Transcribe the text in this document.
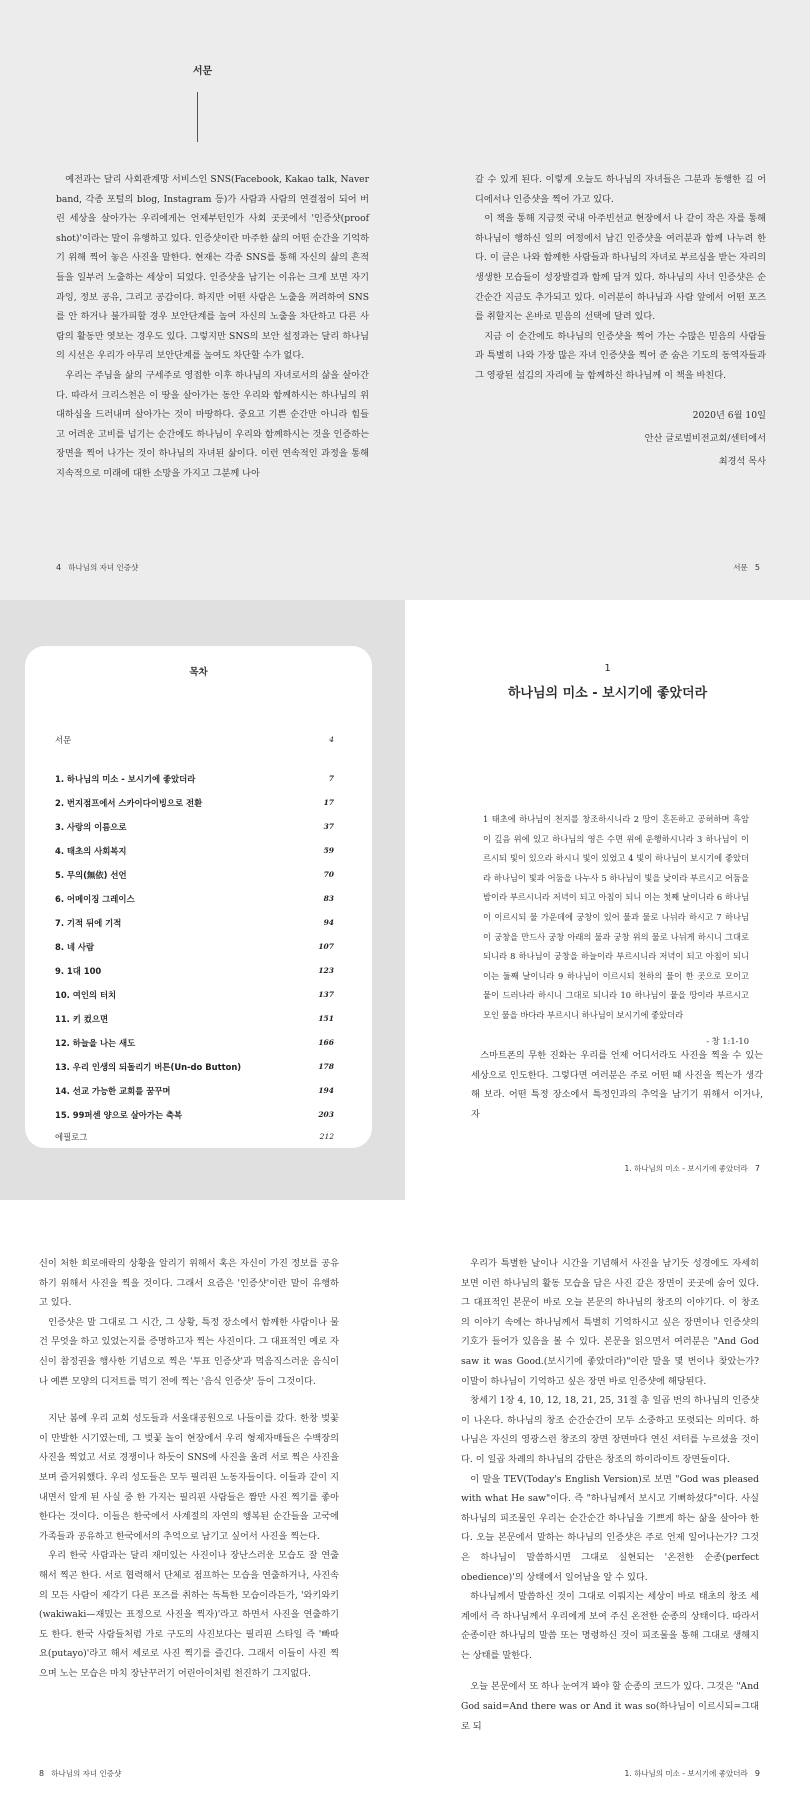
서문

예전과는 달리 사회관계망 서비스인 SNS(Facebook, Kakao talk, Naver band, 각종 포털의 blog, Instagram 등)가 사람과 사람의 연결점이 되어 버린 세상을 살아가는 우리에게는 언제부턴인가 사회 곳곳에서 '인증샷(proof shot)'이라는 말이 유행하고 있다. 인증샷이란 마주한 삶의 어떤 순간을 기억하기 위해 찍어 놓은 사진을 말한다. 현재는 각종 SNS를 통해 자신의 삶의 흔적들을 일부러 노출하는 세상이 되었다. 인증샷을 남기는 이유는 크게 보면 자기 과잉, 정보 공유, 그리고 공감이다. 하지만 어떤 사람은 노출을 꺼려하여 SNS를 안 하거나 불가피할 경우 보안단계를 높여 자신의 노출을 차단하고 다른 사람의 활동만 엿보는 경우도 있다. 그렇지만 SNS의 보안 설정과는 달리 하나님의 시선은 우리가 아무리 보안단계를 높여도 차단할 수가 없다.

우리는 주님을 삶의 구세주로 영접한 이후 하나님의 자녀로서의 삶을 살아간다. 따라서 크리스천은 이 땅을 살아가는 동안 우리와 함께하시는 하나님의 위대하심을 드러내며 살아가는 것이 마땅하다. 중요고 기쁜 순간만 아니라 힘들고 어려운 고비를 넘기는 순간에도 하나님이 우리와 함께하시는 것을 인증하는 장면을 찍어 나가는 것이 하나님의 자녀된 삶이다. 이런 연속적인 과정을 통해 지속적으로 미래에 대한 소망을 가지고 그분께 나아

4 하나님의 자녀 인증샷

갈 수 있게 된다. 이렇게 오늘도 하나님의 자녀들은 그분과 동행한 길 어디에서나 인증샷을 찍어 가고 있다.

이 책을 통해 지금껏 국내 아주빈선교 현장에서 나 같이 작은 자를 통해 하나님이 행하신 일의 여정에서 남긴 인증샷을 여러분과 함께 나누려 한다. 이 글은 나와 함께한 사람들과 하나님의 자녀로 부르심을 받는 자리의 생생한 모습들이 성장발걸과 함께 담겨 있다. 하나님의 사너 인증샷은 순간순간 지금도 추가되고 있다. 이러분이 하나님과 사람 앞에서 어떤 포즈를 취할지는 온바로 믿음의 선택에 달려 있다.

지금 이 순간에도 하나님의 인증샷을 찍어 가는 수많은 믿음의 사람들과 특별히 나와 가장 많은 자녀 인증샷을 찍어 준 숨은 기도의 동역자들과 그 영광된 섬김의 자리에 늘 함께하신 하나님께 이 책을 바친다.

2020년 6월 10일
안산 글로벌비전교회/센터에서
최경석 목사
서문 5
1
하나님의 미소 - 보시기에 좋았더라

1 태초에 하나님이 천지를 창조하시니라 2 땅이 혼돈하고 공허하며 흑암이 깊음 위에 있고 하나님의 영은 수면 위에 운행하시니라 3 하나님이 이르시되 빛이 있으라 하시니 빛이 있었고 4 빛이 하나님이 보시기에 좋았더라 하나님이 빛과 어둠을 나누사 5 하나님이 빛을 낮이라 부르시고 어둠을 밤이라 부르시니라 저녁이 되고 아침이 되니 이는 첫째 날이니라 6 하나님이 이르시되 물 가운데에 궁창이 있어 물과 물로 나뉘라 하시고 7 하나님이 궁창을 만드사 궁창 아래의 물과 궁창 위의 물로 나뉘게 하시니 그대로 되니라 8 하나님이 궁창을 하늘이라 부르시니라 저녁이 되고 아침이 되니 이는 둘째 날이니라 9 하나님이 이르시되 천하의 물이 한 곳으로 모이고 뭍이 드러나라 하시니 그대로 되니라 10 하나님이 뭍을 땅이라 부르시고 모인 물을 바다라 부르시니 하나님이 보시기에 좋았더라

- 창 1:1-10

스마트폰의 무한 진화는 우리를 언제 어디서라도 사진을 찍을 수 있는 세상으로 인도한다. 그렇다면 여러분은 주로 어떤 때 사진을 찍는가 생각해 보라. 어떤 특정 장소에서 특정인과의 추억을 남기기 위해서 이거나, 자

1. 하나님의 미소 - 보시기에 좋았더라 7
목차
서문	4
1. 하나님의 미소 - 보시기에 좋았더라	7
2. 번지점프에서 스카이다이빙으로 전환	17
3. 사랑의 이름으로	37
4. 태초의 사회복지	59
5. 무의(無依) 선언	70
6. 어메이징 그레이스	83
7. 기적 뒤에 기적	94
8. 네 사람	107
9. 1대 100	123
10. 여인의 터치	137
11. 키 컸으면	151
12. 하늘을 나는 새도	166
13. 우리 인생의 되돌리기 버튼(Un-do Button)	178
14. 선교 가능한 교회를 꿈꾸며	194
15. 99퍼센 양으로 살아가는 축복	203
에필로그	212

신이 처한 희로애락의 상황을 알리기 위해서 혹은 자신이 가진 정보를 공유하기 위해서 사진을 찍을 것이다. 그래서 요즘은 '인증샷'이란 말이 유행하고 있다.

인증샷은 말 그대로 그 시간, 그 상황, 특정 장소에서 함께한 사람이나 물건 무엇을 하고 있었는지를 증명하고자 찍는 사진이다. 그 대표적인 예로 자신이 참정권을 행사한 기념으로 찍은 '투표 인증샷'과 먹음직스러운 음식이나 예쁜 모양의 디저트를 먹기 전에 찍는 '음식 인증샷' 등이 그것이다.

지난 봄에 우리 교회 성도들과 서울대공원으로 나들이를 갔다. 한창 벚꽃이 만발한 시기였는데, 그 벚꽃 놀이 현장에서 우리 형제자매들은 수백장의 사진을 찍었고 서로 경쟁이나 하듯이 SNS에 사진을 올려 서로 찍은 사진을 보며 즐거워했다. 우리 성도들은 모두 필리핀 노동자들이다. 이들과 같이 지내면서 알게 된 사실 중 한 가지는 필리핀 사람들은 짬만 사진 찍기를 좋아한다는 것이다. 이들은 한국에서 사계절의 자연의 행복된 순간들을 고국에 가족들과 공유하고 한국에서의 추억으로 남기고 싶어서 사진을 찍는다.

우리 한국 사람과는 달리 재미있는 사진이나 장난스러운 모습도 잘 연출해서 찍곤 한다. 서로 협력해서 단체로 점프하는 모습을 연출하거나, 사진속의 모든 사람이 제각기 다른 포즈를 취하는 독특한 모습이라든가, '와키와키(wakiwaki—재밌는 표정으로 사진을 찍자)'라고 하면서 사진을 연출하기도 한다. 한국 사람들처럼 가로 구도의 사진보다는 필리핀 스타일 즉 '빠따요(putayo)'라고 해서 세로로 사진 찍기를 즐긴다. 그래서 이들이 사진 찍으며 노는 모습은 마치 장난꾸러기 어린아이처럼 천진하기 그지없다.

8 하나님의 자녀 인증샷

우리가 특별한 날이나 시간을 기념해서 사진을 남기듯 성경에도 자세히 보면 이런 하나님의 활동 모습을 담은 사진 같은 장면이 곳곳에 숨어 있다. 그 대표적인 본문이 바로 오늘 본문의 하나님의 창조의 이야기다. 이 창조의 이야기 속에는 하나님께서 특별히 기억하시고 싶은 장면이나 인증샷의 기호가 들어가 있음을 볼 수 있다. 본문을 읽으면서 여러분은 "And God saw it was Good.(보시기에 좋았더라)"이란 말을 몇 번이나 찾았는가? 이말이 하나님이 기억하고 싶은 장면 바로 인증샷에 해당된다.

창세기 1장 4, 10, 12, 18, 21, 25, 31절 총 일곱 번의 하나님의 인증샷이 나온다. 하나님의 창조 순간순간이 모두 소중하고 또렷되는 의미다. 하나님은 자신의 영광스런 창조의 장면 장면마다 연신 셔터를 누르셨을 것이다. 이 일곱 차례의 하나님의 감탄은 창조의 하이라이트 장면들이다.

이 말을 TEV(Today's English Version)로 보면 "God was pleased with what He saw"이다. 즉 "하나님께서 보시고 기뻐하셨다"이다. 사실 하나님의 피조물인 우리는 순간순간 하나님을 기쁘게 하는 삶을 살아야 한다. 오늘 본문에서 말하는 하나님의 인증샷은 주로 언제 일어나는가? 그것은 하나님이 말씀하시면 그대로 실현되는 '온전한 순종(perfect obedience)'의 상태에서 일어남을 알 수 있다.

하나님께서 말씀하신 것이 그대로 이뤄지는 세상이 바로 태초의 창조 세계에서 즉 하나님께서 우리에게 보여 주신 온전한 순종의 상태이다. 따라서 순종이란 하나님의 말씀 또는 명령하신 것이 피조물을 통해 그대로 생해지는 상태를 말한다.

오늘 본문에서 또 하나 눈여겨 봐야 할 순종의 코드가 있다. 그것은 "And God said=And there was or And it was so(하나님이 이르시되=그대로 되

1. 하나님의 미소 - 보시기에 좋았더라 9
